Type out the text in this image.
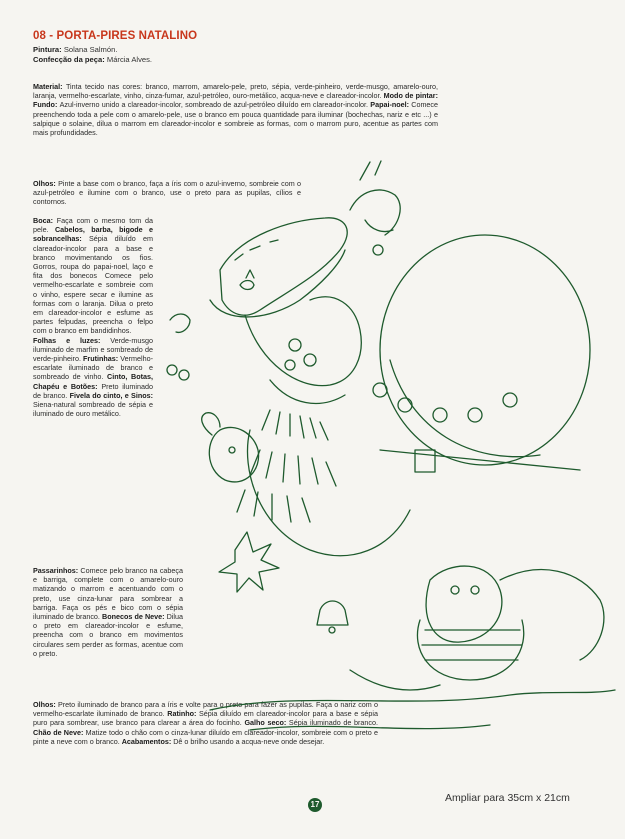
08 - PORTA-PIRES NATALINO
Pintura: Solana Salmón.
Confecção da peça: Márcia Alves.

Material: Tinta tecido nas cores: branco, marrom, amarelo-pele, preto, sépia, verde-pinheiro, verde-musgo, amarelo-ouro, laranja, vermelho-escarlate, vinho, cinza-fumar, azul-petróleo, ouro-metálico, acqua-neve e clareador-incolor. Modo de pintar: Fundo: Azul-inverno unido a clareador-incolor, sombreado de azul-petróleo diluído em clareador-incolor. Papai-noel: Comece preenchendo toda a pele com o amarelo-pele, use o branco em pouca quantidade para iluminar (bochechas, nariz e etc ...) e salpique o solaine, dilua o marrom em clareador-incolor e sombreie as formas, com o marrom puro, acentue as partes com mais profundidades.

Olhos: Pinte a base com o branco, faça a íris com o azul-inverno, sombreie com o azul-petróleo e ilumine com o branco, use o preto para as pupilas, cílios e contornos.

Boca: Faça com o mesmo tom da pele. Cabelos, barba, bigode e sobrancelhas: Sépia diluído em clareador-incolor para a base e branco movimentando os fios. Gorros, roupa do papai-noel, laço e fita dos bonecos Comece pelo vermelho-escarlate e sombreie com o vinho, espere secar e ilumine as formas com o laranja. Dilua o preto em clareador-incolor e esfume as partes felpudas, preencha o felpo com o branco em bandidinhos.

Folhas e luzes: Verde-musgo iluminado de marfim e sombreado de verde-pinheiro. Frutinhas: Vermelho-escarlate iluminado de branco e sombreado de vinho. Cinto, Botas, Chapéu e Botões: Preto iluminado de branco. Fivela do cinto, e Sinos: Siena-natural sombreado de sépia e iluminado de ouro metálico.

Passarinhos: Comece pelo branco na cabeça e barriga, complete com o amarelo-ouro matizando o marrom e acentuando com o preto, use cinza-lunar para sombrear a barriga. Faça os pés e bico com o sépia iluminado de branco. Bonecos de Neve: Dilua o preto em clareador-incolor e esfume, preencha com o branco em movimentos circulares sem perder as formas, acentue com o preto.

Olhos: Preto iluminado de branco para a íris e volte para o preto para fazer as pupilas. Faça o nariz com o vermelho-escarlate iluminado de branco. Ratinho: Sépia diluído em clareador-incolor para a base e sépia puro para sombrear, use branco para clarear a área do focinho. Galho seco: Sépia iluminado de branco. Chão de Neve: Matize todo o chão com o cinza-lunar diluído em clareador-incolor, sombreie com o preto e pinte a neve com o branco. Acabamentos: Dê o brilho usando a acqua-neve onde desejar.

17
Ampliar para 35cm x 21cm
